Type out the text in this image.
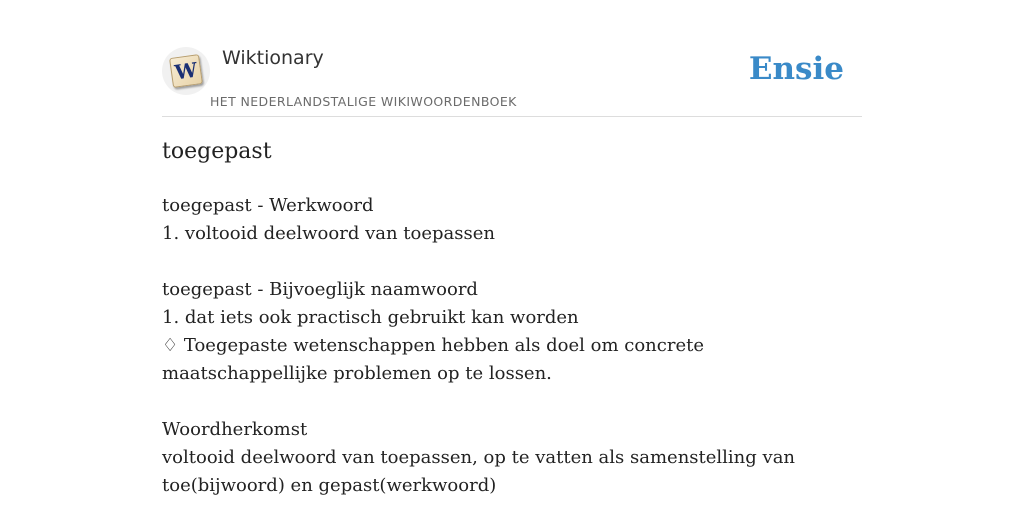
W Wiktionary
HET NEDERLANDSTALIGE WIKIWOORDENBOEK
Ensie
toegepast
toegepast - Werkwoord
1. voltooid deelwoord van toepassen
toegepast - Bijvoeglijk naamwoord
1. dat iets ook practisch gebruikt kan worden
♢ Toegepaste wetenschappen hebben als doel om concrete maatschappellijke problemen op te lossen.
Woordherkomst
voltooid deelwoord van toepassen, op te vatten als samenstelling van toe(bijwoord) en gepast(werkwoord)
